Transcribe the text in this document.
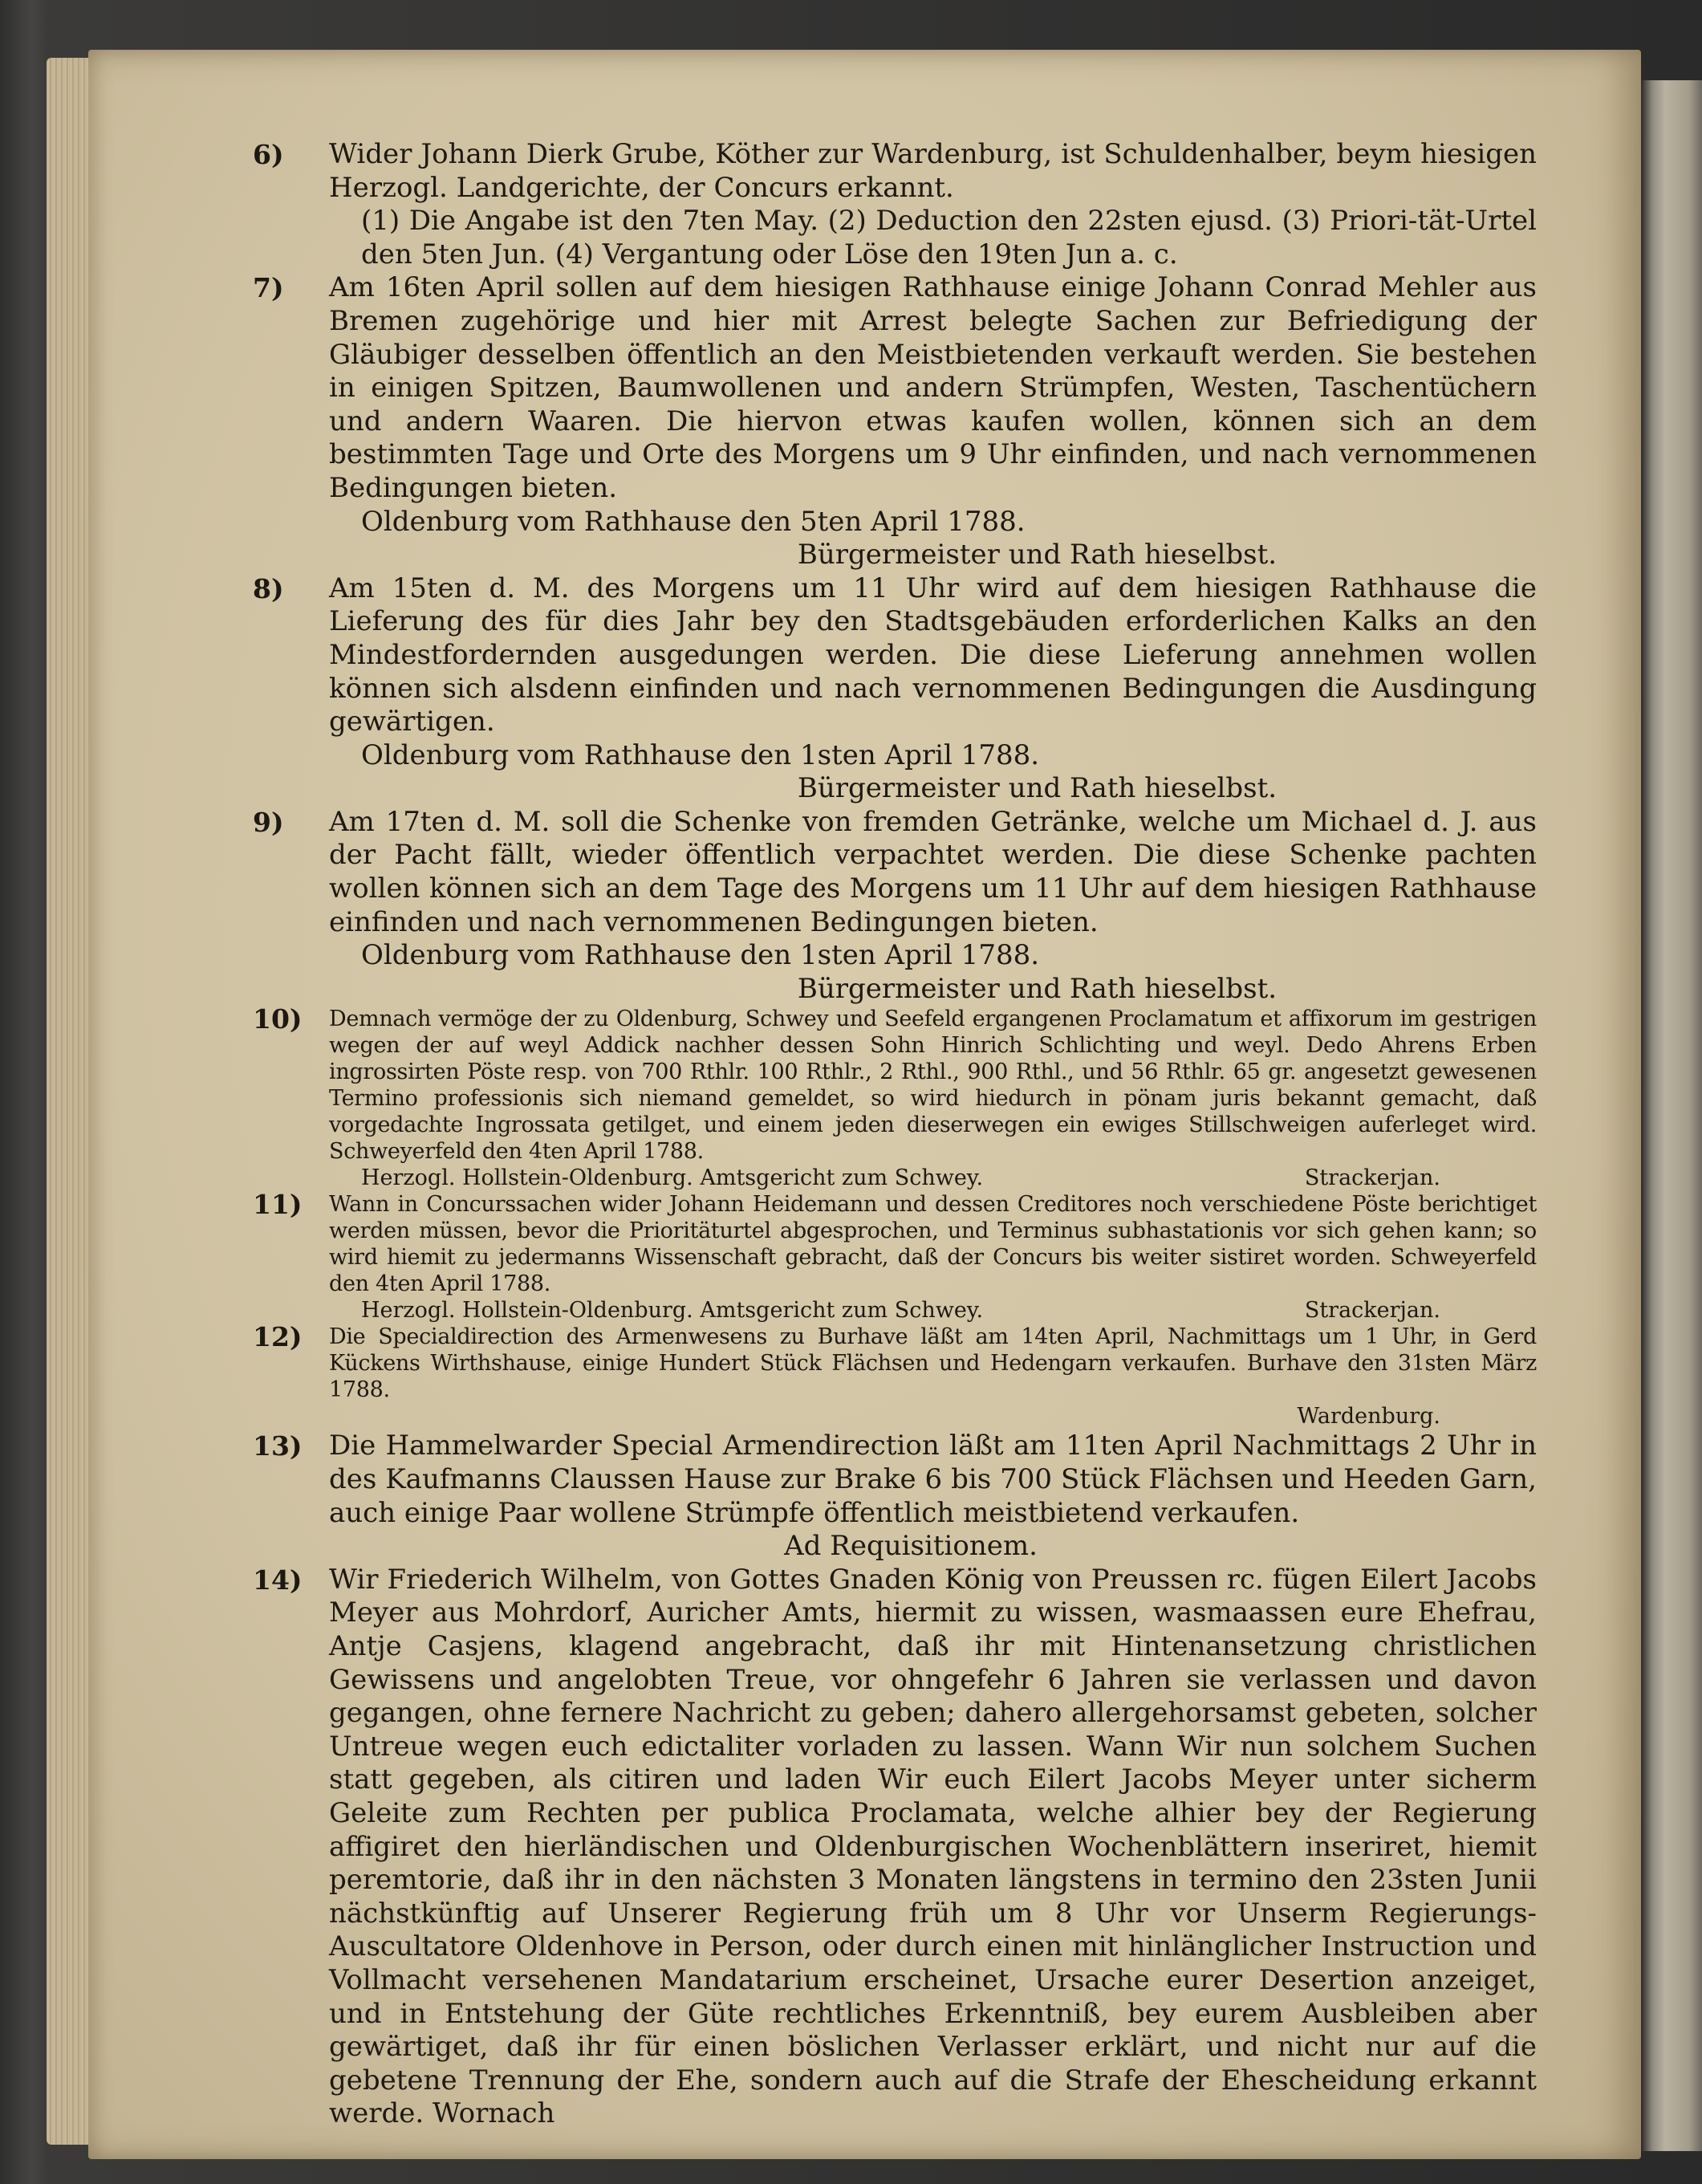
6)	Wider Johann Dierk Grube, Köther zur Wardenburg, ist Schuldenhalber, beym hiesigen Herzogl. Landgerichte, der Concurs erkannt.

(1) Die Angabe ist den 7ten May. (2) Deduction den 22sten ejusd. (3) Priori-tät-Urtel den 5ten Jun. (4) Vergantung oder Löse den 19ten Jun a. c.

7)	Am 16ten April sollen auf dem hiesigen Rathhause einige Johann Conrad Mehler aus Bremen zugehörige und hier mit Arrest belegte Sachen zur Befriedigung der Gläubiger desselben öffentlich an den Meistbietenden verkauft werden. Sie bestehen in einigen Spitzen, Baumwollenen und andern Strümpfen, Westen, Taschentüchern und andern Waaren. Die hiervon etwas kaufen wollen, können sich an dem bestimmten Tage und Orte des Morgens um 9 Uhr einfinden, und nach vernommenen Bedingungen bieten.

Oldenburg vom Rathhause den 5ten April 1788.

Bürgermeister und Rath hieselbst.

8)	Am 15ten d. M. des Morgens um 11 Uhr wird auf dem hiesigen Rathhause die Lieferung des für dies Jahr bey den Stadtsgebäuden erforderlichen Kalks an den Mindestfordernden ausgedungen werden. Die diese Lieferung annehmen wollen können sich alsdenn einfinden und nach vernommenen Bedingungen die Ausdingung gewärtigen.

Oldenburg vom Rathhause den 1sten April 1788.

Bürgermeister und Rath hieselbst.

9)	Am 17ten d. M. soll die Schenke von fremden Getränke, welche um Michael d. J. aus der Pacht fällt, wieder öffentlich verpachtet werden. Die diese Schenke pachten wollen können sich an dem Tage des Morgens um 11 Uhr auf dem hiesigen Rathhause einfinden und nach vernommenen Bedingungen bieten.

Oldenburg vom Rathhause den 1sten April 1788.

Bürgermeister und Rath hieselbst.

10)	Demnach vermöge der zu Oldenburg, Schwey und Seefeld ergangenen Proclamatum et affixorum im gestrigen wegen der auf weyl Addick nachher dessen Sohn Hinrich Schlichting und weyl. Dedo Ahrens Erben ingrossirten Pöste resp. von 700 Rthlr. 100 Rthlr., 2 Rthl., 900 Rthl., und 56 Rthlr. 65 gr. angesetzt gewesenen Termino professionis sich niemand gemeldet, so wird hiedurch in pönam juris bekannt gemacht, daß vorgedachte Ingrossata getilget, und einem jeden dieserwegen ein ewiges Stillschweigen auferleget wird. Schweyerfeld den 4ten April 1788.

Herzogl. Hollstein-Oldenburg. Amtsgericht zum Schwey.	Strackerjan.
11)	Wann in Concurssachen wider Johann Heidemann und dessen Creditores noch verschiedene Pöste berichtiget werden müssen, bevor die Prioritäturtel abgesprochen, und Terminus subhastationis vor sich gehen kann; so wird hiemit zu jedermanns Wissenschaft gebracht, daß der Concurs bis weiter sistiret worden. Schweyerfeld den 4ten April 1788.

Herzogl. Hollstein-Oldenburg. Amtsgericht zum Schwey.	Strackerjan.
12)	Die Specialdirection des Armenwesens zu Burhave läßt am 14ten April, Nachmittags um 1 Uhr, in Gerd Kückens Wirthshause, einige Hundert Stück Flächsen und Hedengarn verkaufen. Burhave den 31sten März 1788.

Wardenburg.
13) Die Hammelwarder Special Armendirection läßt am 11ten April Nachmittags 2 Uhr in des Kaufmanns Claussen Hause zur Brake 6 bis 700 Stück Flächsen und Heeden Garn, auch einige Paar wollene Strümpfe öffentlich meistbietend verkaufen.

Ad Requisitionem.

14) Wir Friederich Wilhelm, von Gottes Gnaden König von Preussen rc. fügen Eilert Jacobs Meyer aus Mohrdorf, Auricher Amts, hiermit zu wissen, wasmaassen eure Ehefrau, Antje Casjens, klagend angebracht, daß ihr mit Hintenansetzung christlichen Gewissens und angelobten Treue, vor ohngefehr 6 Jahren sie verlassen und davon gegangen, ohne fernere Nachricht zu geben; dahero allergehorsamst gebeten, solcher Untreue wegen euch edictaliter vorladen zu lassen. Wann Wir nun solchem Suchen statt gegeben, als citiren und laden Wir euch Eilert Jacobs Meyer unter sicherm Geleite zum Rechten per publica Proclamata, welche alhier bey der Regierung affigiret den hierländischen und Oldenburgischen Wochenblättern inseriret, hiemit peremtorie, daß ihr in den nächsten 3 Monaten längstens in termino den 23sten Junii nächstkünftig auf Unserer Regierung früh um 8 Uhr vor Unserm Regierungs-Auscultatore Oldenhove in Person, oder durch einen mit hinlänglicher Instruction und Vollmacht versehenen Mandatarium erscheinet, Ursache eurer Desertion anzeiget, und in Entstehung der Güte rechtliches Erkenntniß, bey eurem Ausbleiben aber gewärtiget, daß ihr für einen böslichen Verlasser erklärt, und nicht nur auf die gebetene Trennung der Ehe, sondern auch auf die Strafe der Ehescheidung erkannt werde. Wornach
